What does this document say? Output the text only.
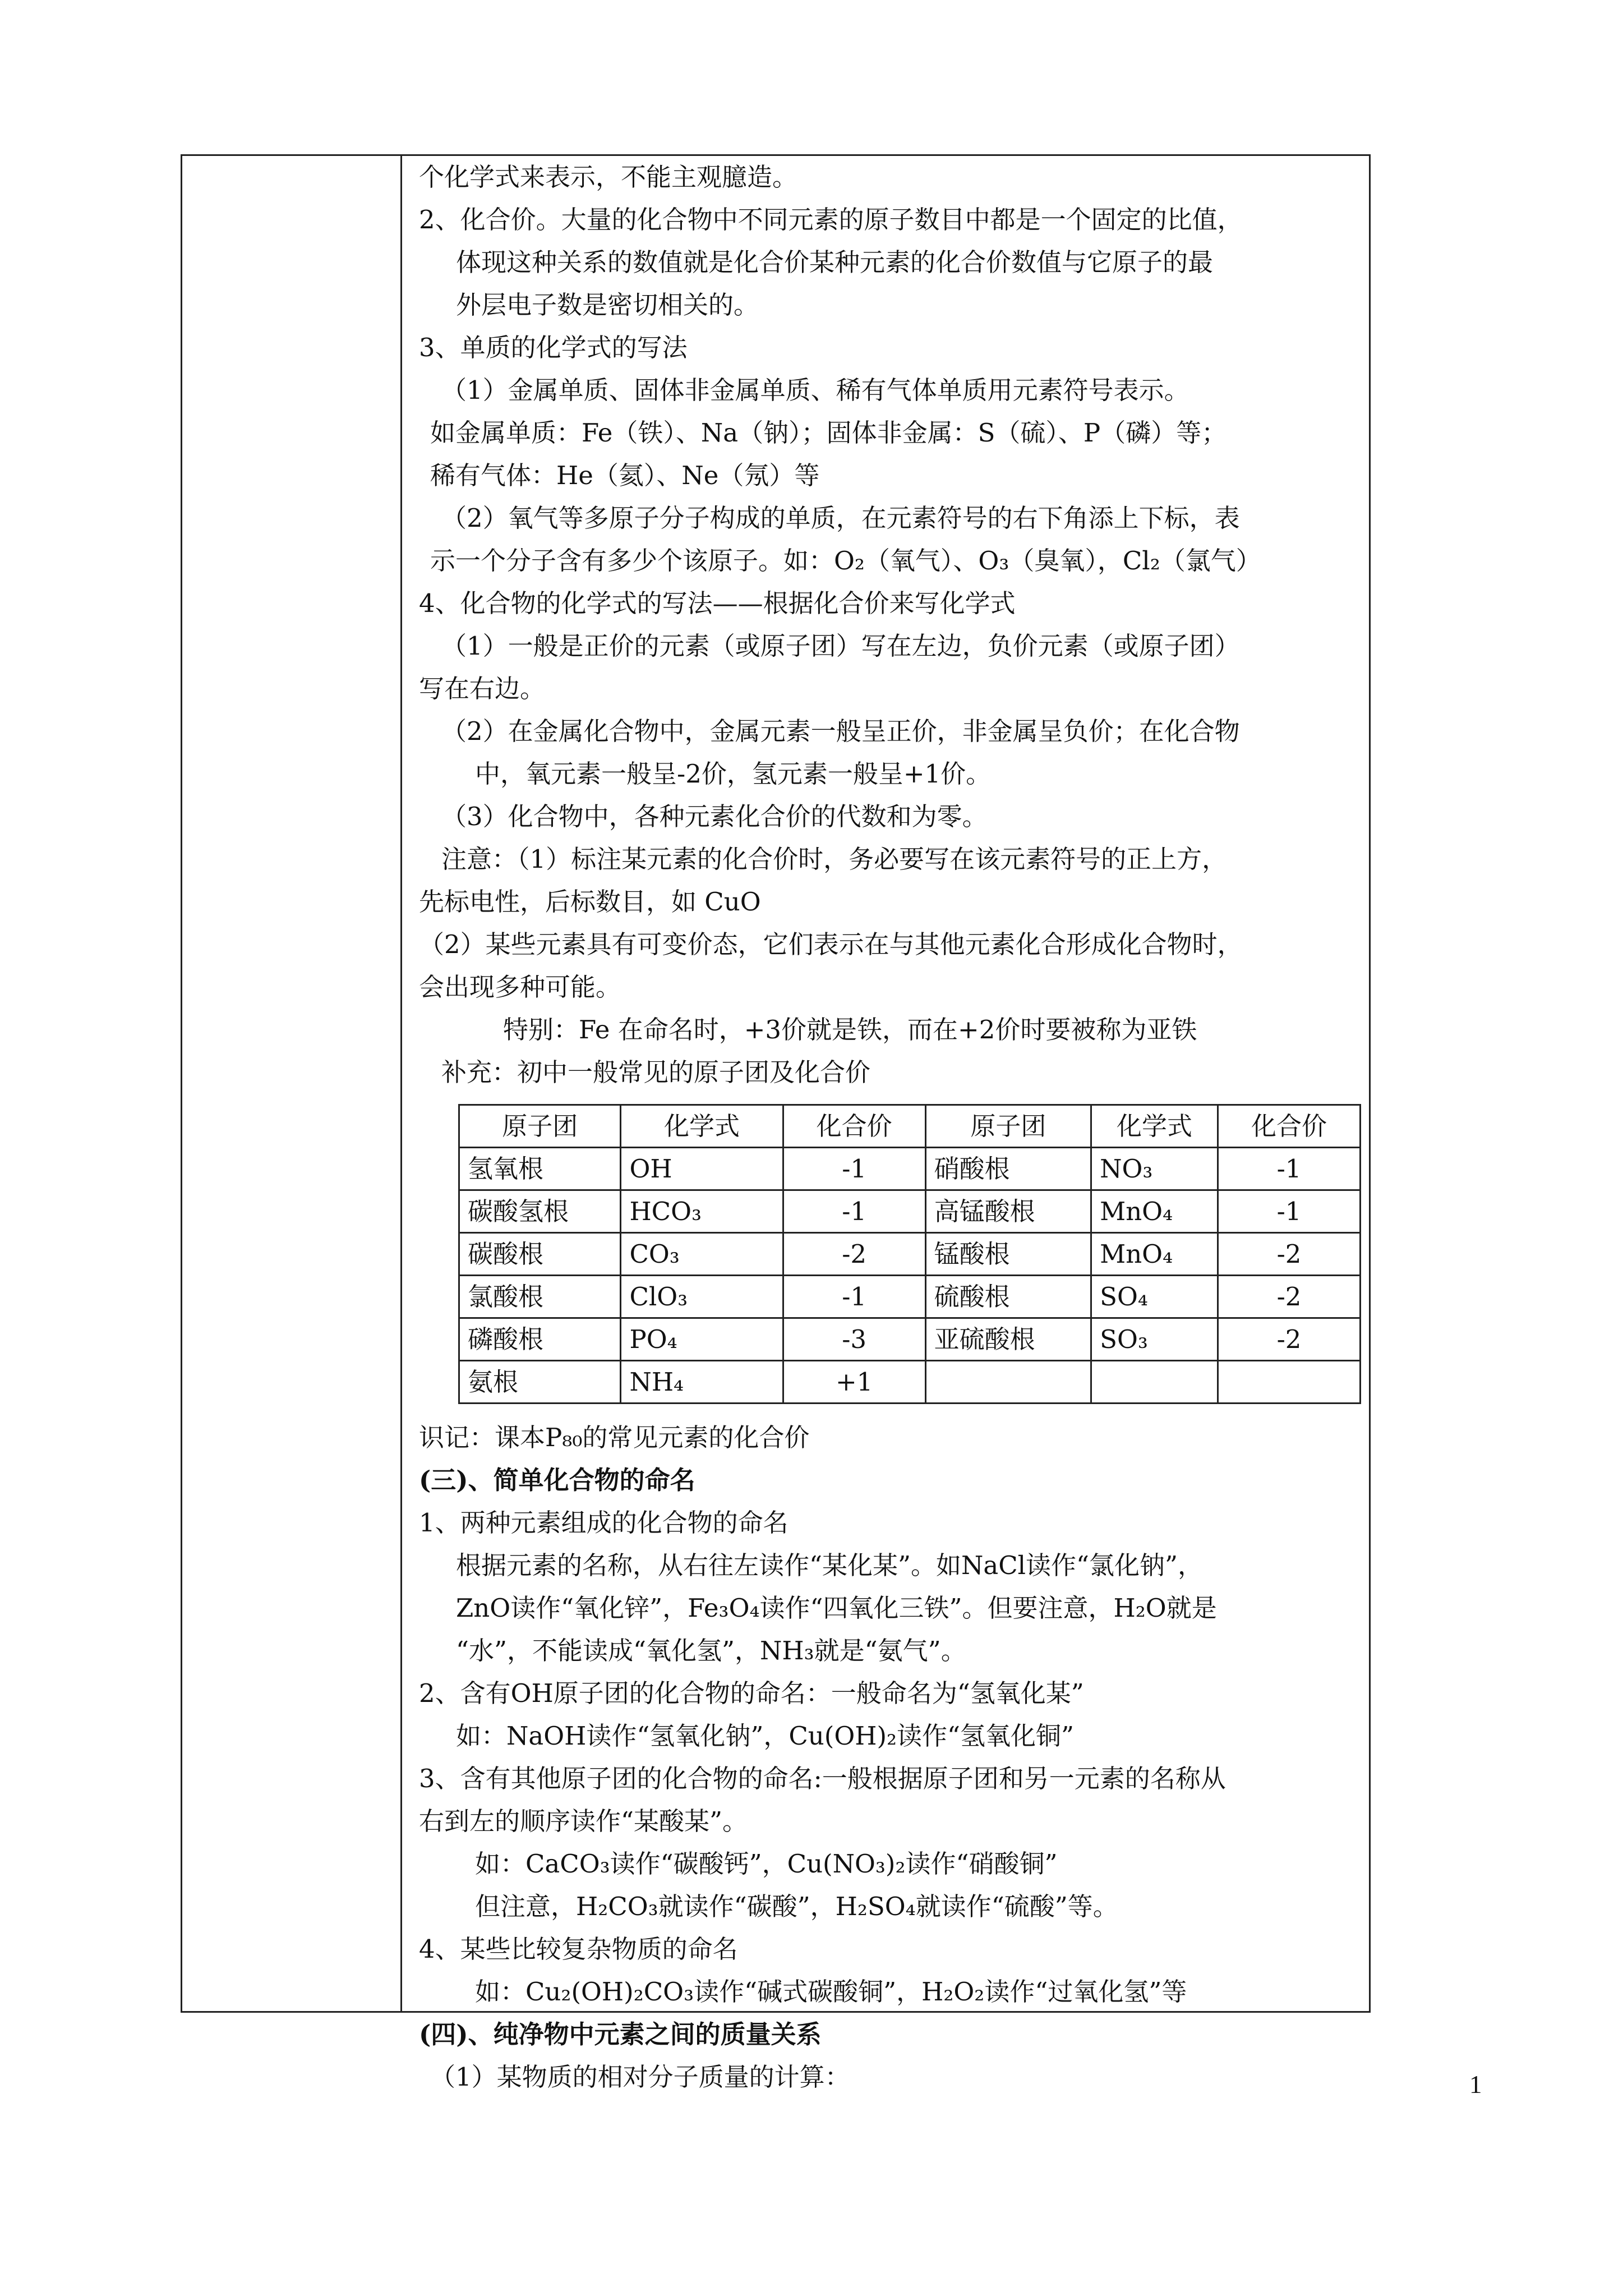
个化学式来表示，不能主观臆造。
2、化合价。大量的化合物中不同元素的原子数目中都是一个固定的比值，
体现这种关系的数值就是化合价某种元素的化合价数值与它原子的最
外层电子数是密切相关的。
3、单质的化学式的写法
（1）金属单质、固体非金属单质、稀有气体单质用元素符号表示。
如金属单质：Fe（铁）、Na（钠）；固体非金属：S（硫）、P（磷）等；
稀有气体：He（氦）、Ne（氖）等
（2）氧气等多原子分子构成的单质，在元素符号的右下角添上下标，表
示一个分子含有多少个该原子。如：O₂（氧气）、O₃（臭氧），Cl₂（氯气）
4、化合物的化学式的写法——根据化合价来写化学式
（1）一般是正价的元素（或原子团）写在左边，负价元素（或原子团）
写在右边。
（2）在金属化合物中，金属元素一般呈正价，非金属呈负价；在化合物
中，氧元素一般呈-2价，氢元素一般呈+1价。
（3）化合物中，各种元素化合价的代数和为零。
注意：（1）标注某元素的化合价时，务必要写在该元素符号的正上方，
先标电性，后标数目，如 CuO
（2）某些元素具有可变价态，它们表示在与其他元素化合形成化合物时，
会出现多种可能。
特别：Fe 在命名时，+3价就是铁，而在+2价时要被称为亚铁
补充：初中一般常见的原子团及化合价
原子团	化学式	化合价	原子团	化学式	化合价
氢氧根	OH	-1	硝酸根	NO₃	-1
碳酸氢根	HCO₃	-1	高锰酸根	MnO₄	-1
碳酸根	CO₃	-2	锰酸根	MnO₄	-2
氯酸根	ClO₃	-1	硫酸根	SO₄	-2
磷酸根	PO₄	-3	亚硫酸根	SO₃	-2
氨根	NH₄	+1			
识记：课本P₈₀的常见元素的化合价
(三)、简单化合物的命名
1、两种元素组成的化合物的命名
根据元素的名称，从右往左读作“某化某”。如NaCl读作“氯化钠”，
ZnO读作“氧化锌”，Fe₃O₄读作“四氧化三铁”。但要注意，H₂O就是
“水”，不能读成“氧化氢”，NH₃就是“氨气”。
2、含有OH原子团的化合物的命名：一般命名为“氢氧化某”
如：NaOH读作“氢氧化钠”，Cu(OH)₂读作“氢氧化铜”
3、含有其他原子团的化合物的命名:一般根据原子团和另一元素的名称从
右到左的顺序读作“某酸某”。
如：CaCO₃读作“碳酸钙”，Cu(NO₃)₂读作“硝酸铜”
但注意，H₂CO₃就读作“碳酸”，H₂SO₄就读作“硫酸”等。
4、某些比较复杂物质的命名
如：Cu₂(OH)₂CO₃读作“碱式碳酸铜”，H₂O₂读作“过氧化氢”等
(四)、纯净物中元素之间的质量关系
（1）某物质的相对分子质量的计算：	1
